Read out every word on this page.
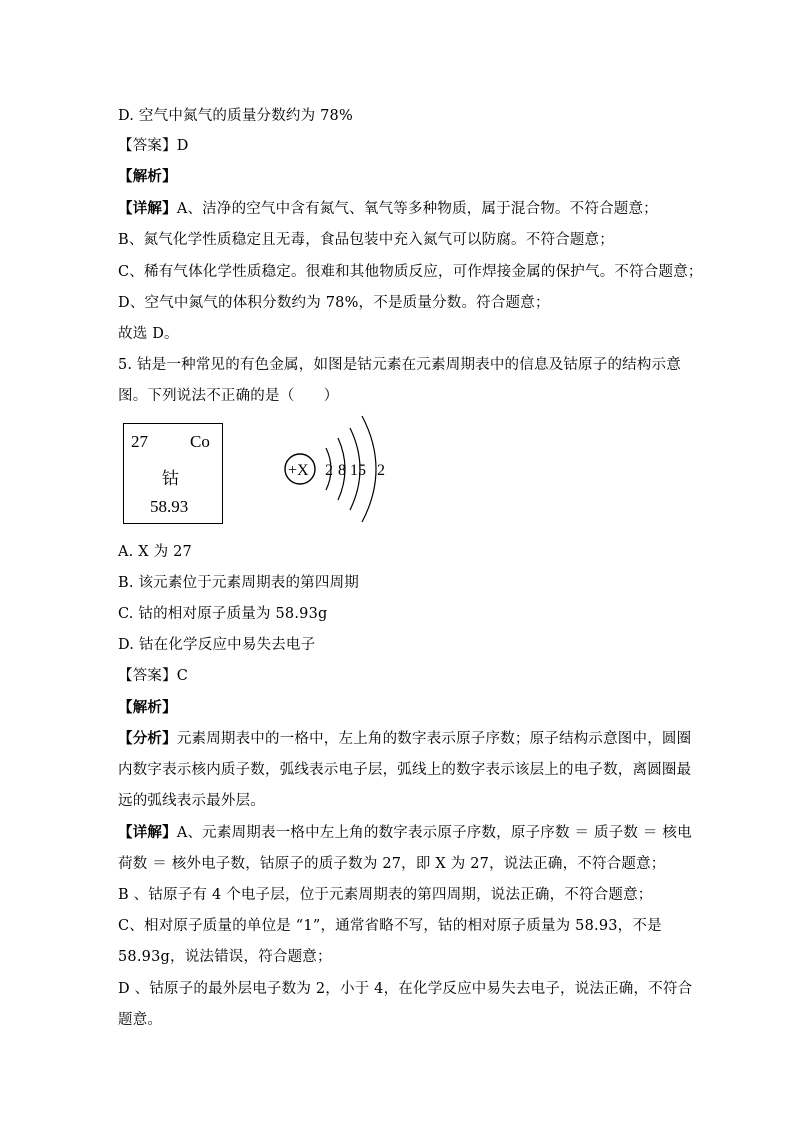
D. 空气中氮气的质量分数约为 78%
【答案】D
【解析】
【详解】A、洁净的空气中含有氮气、氧气等多种物质，属于混合物。不符合题意；
B、氮气化学性质稳定且无毒，食品包装中充入氮气可以防腐。不符合题意；
C、稀有气体化学性质稳定。很难和其他物质反应，可作焊接金属的保护气。不符合题意；
D、空气中氮气的体积分数约为 78%，不是质量分数。符合题意；
故选 D。
5. 钴是一种常见的有色金属，如图是钴元素在元素周期表中的信息及钴原子的结构示意
图。下列说法不正确的是（　　）
27 Co
钴
58.93
+X 2 8 15 2
A. X 为 27
B. 该元素位于元素周期表的第四周期
C. 钴的相对原子质量为 58.93g
D. 钴在化学反应中易失去电子
【答案】C
【解析】
【分析】元素周期表中的一格中，左上角的数字表示原子序数；原子结构示意图中，圆圈
内数字表示核内质子数，弧线表示电子层，弧线上的数字表示该层上的电子数，离圆圈最
远的弧线表示最外层。
【详解】A、元素周期表一格中左上角的数字表示原子序数，原子序数 ＝ 质子数 ＝ 核电
荷数 ＝ 核外电子数，钴原子的质子数为 27，即 X 为 27，说法正确，不符合题意；
B 、钴原子有 4 个电子层，位于元素周期表的第四周期，说法正确，不符合题意；
C、相对原子质量的单位是 “1”，通常省略不写，钴的相对原子质量为 58.93，不是
58.93g，说法错误，符合题意；
D 、钴原子的最外层电子数为 2，小于 4，在化学反应中易失去电子，说法正确，不符合
题意。
